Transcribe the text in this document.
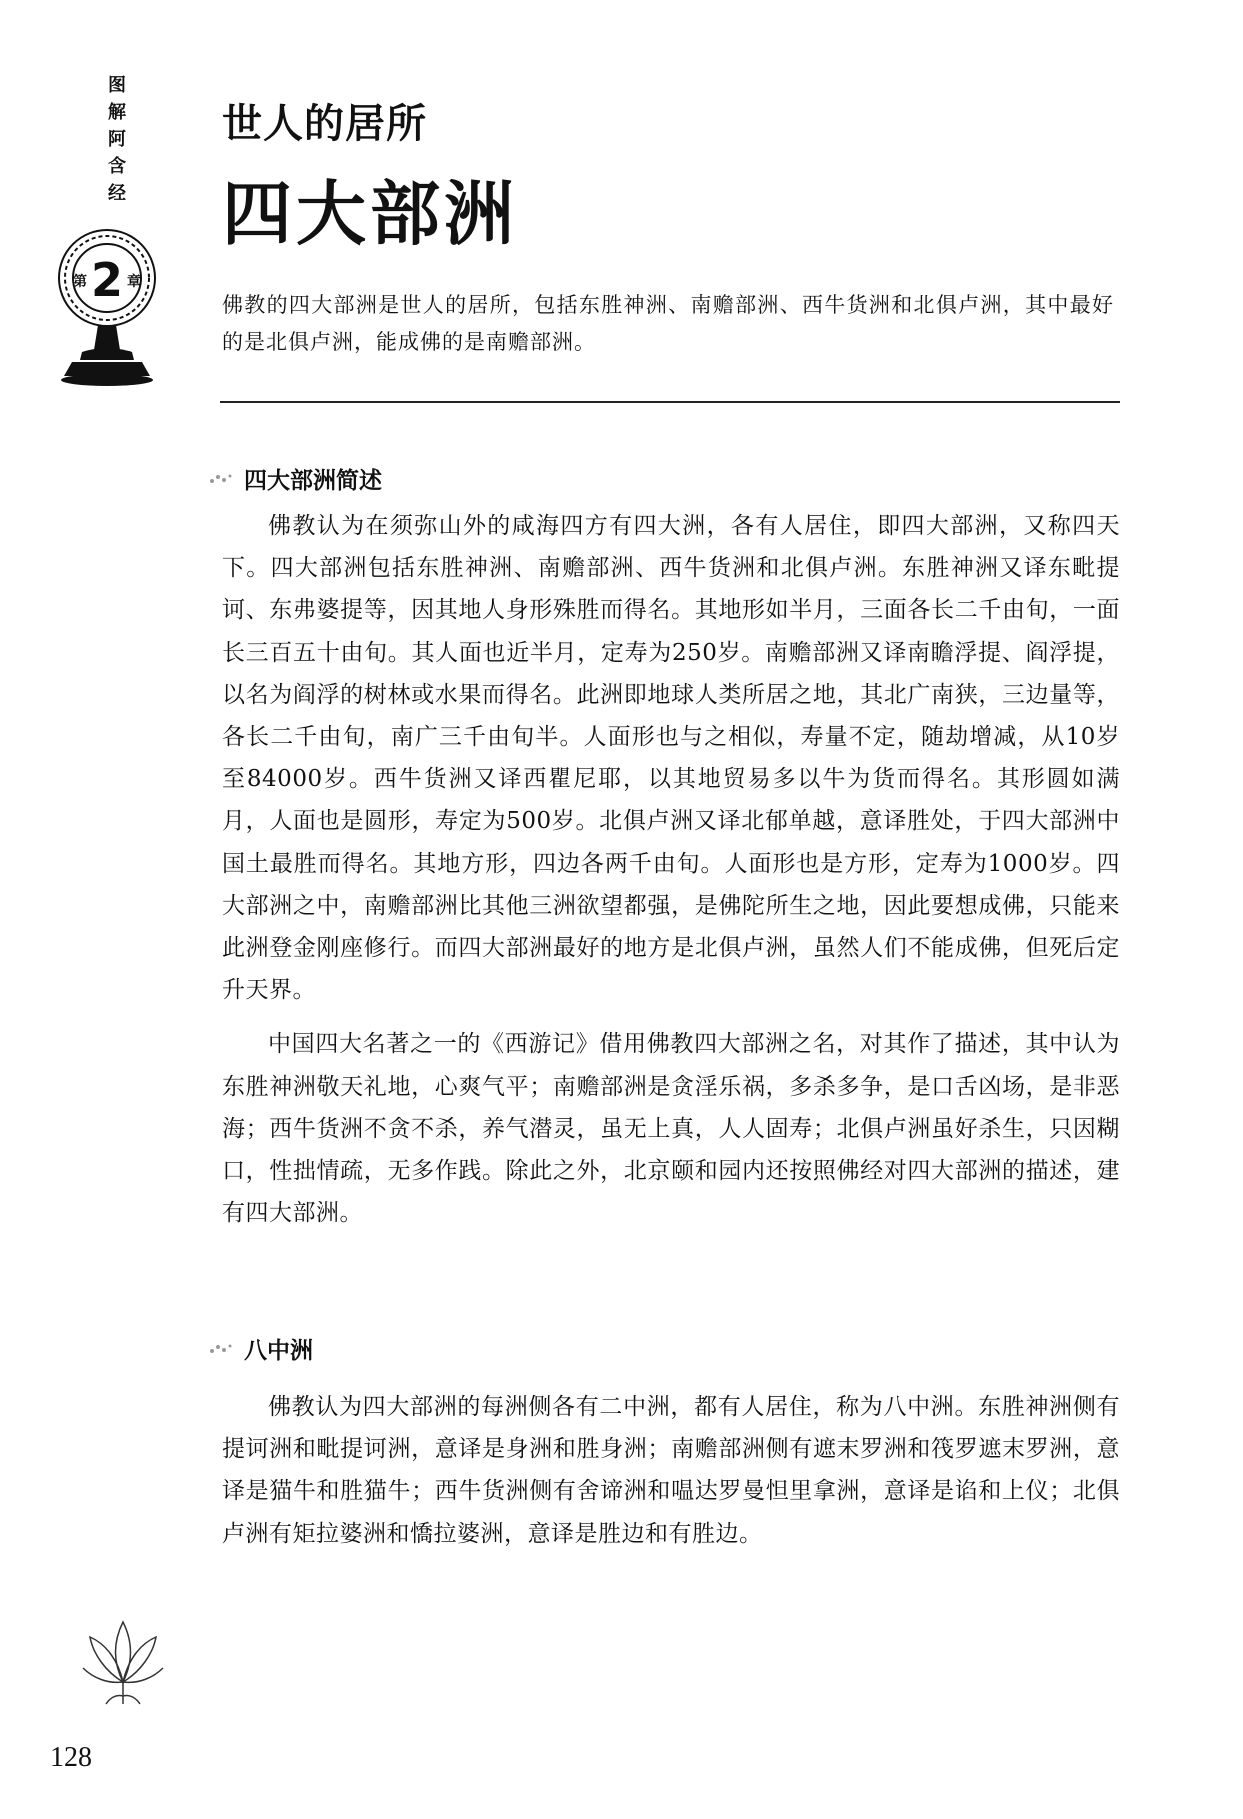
图解阿含经
第 2 章
世人的居所
四大部洲
佛教的四大部洲是世人的居所，包括东胜神洲、南赡部洲、西牛货洲和北俱卢洲，其中最好的是北俱卢洲，能成佛的是南赡部洲。
四大部洲简述

佛教认为在须弥山外的咸海四方有四大洲，各有人居住，即四大部洲，又称四天下。四大部洲包括东胜神洲、南赡部洲、西牛货洲和北俱卢洲。东胜神洲又译东毗提诃、东弗婆提等，因其地人身形殊胜而得名。其地形如半月，三面各长二千由旬，一面长三百五十由旬。其人面也近半月，定寿为250岁。南赡部洲又译南瞻浮提、阎浮提，以名为阎浮的树林或水果而得名。此洲即地球人类所居之地，其北广南狭，三边量等，各长二千由旬，南广三千由旬半。人面形也与之相似，寿量不定，随劫增减，从10岁至84000岁。西牛货洲又译西瞿尼耶，以其地贸易多以牛为货而得名。其形圆如满月，人面也是圆形，寿定为500岁。北俱卢洲又译北郁单越，意译胜处，于四大部洲中国土最胜而得名。其地方形，四边各两千由旬。人面形也是方形，定寿为1000岁。四大部洲之中，南赡部洲比其他三洲欲望都强，是佛陀所生之地，因此要想成佛，只能来此洲登金刚座修行。而四大部洲最好的地方是北俱卢洲，虽然人们不能成佛，但死后定升天界。

中国四大名著之一的《西游记》借用佛教四大部洲之名，对其作了描述，其中认为东胜神洲敬天礼地，心爽气平；南赡部洲是贪淫乐祸，多杀多争，是口舌凶场，是非恶海；西牛货洲不贪不杀，养气潜灵，虽无上真，人人固寿；北俱卢洲虽好杀生，只因糊口，性拙情疏，无多作践。除此之外，北京颐和园内还按照佛经对四大部洲的描述，建有四大部洲。

八中洲

佛教认为四大部洲的每洲侧各有二中洲，都有人居住，称为八中洲。东胜神洲侧有提诃洲和毗提诃洲，意译是身洲和胜身洲；南赡部洲侧有遮末罗洲和筏罗遮末罗洲，意译是猫牛和胜猫牛；西牛货洲侧有舍谛洲和嗢达罗曼怛里拿洲，意译是谄和上仪；北俱卢洲有矩拉婆洲和憍拉婆洲，意译是胜边和有胜边。

128
